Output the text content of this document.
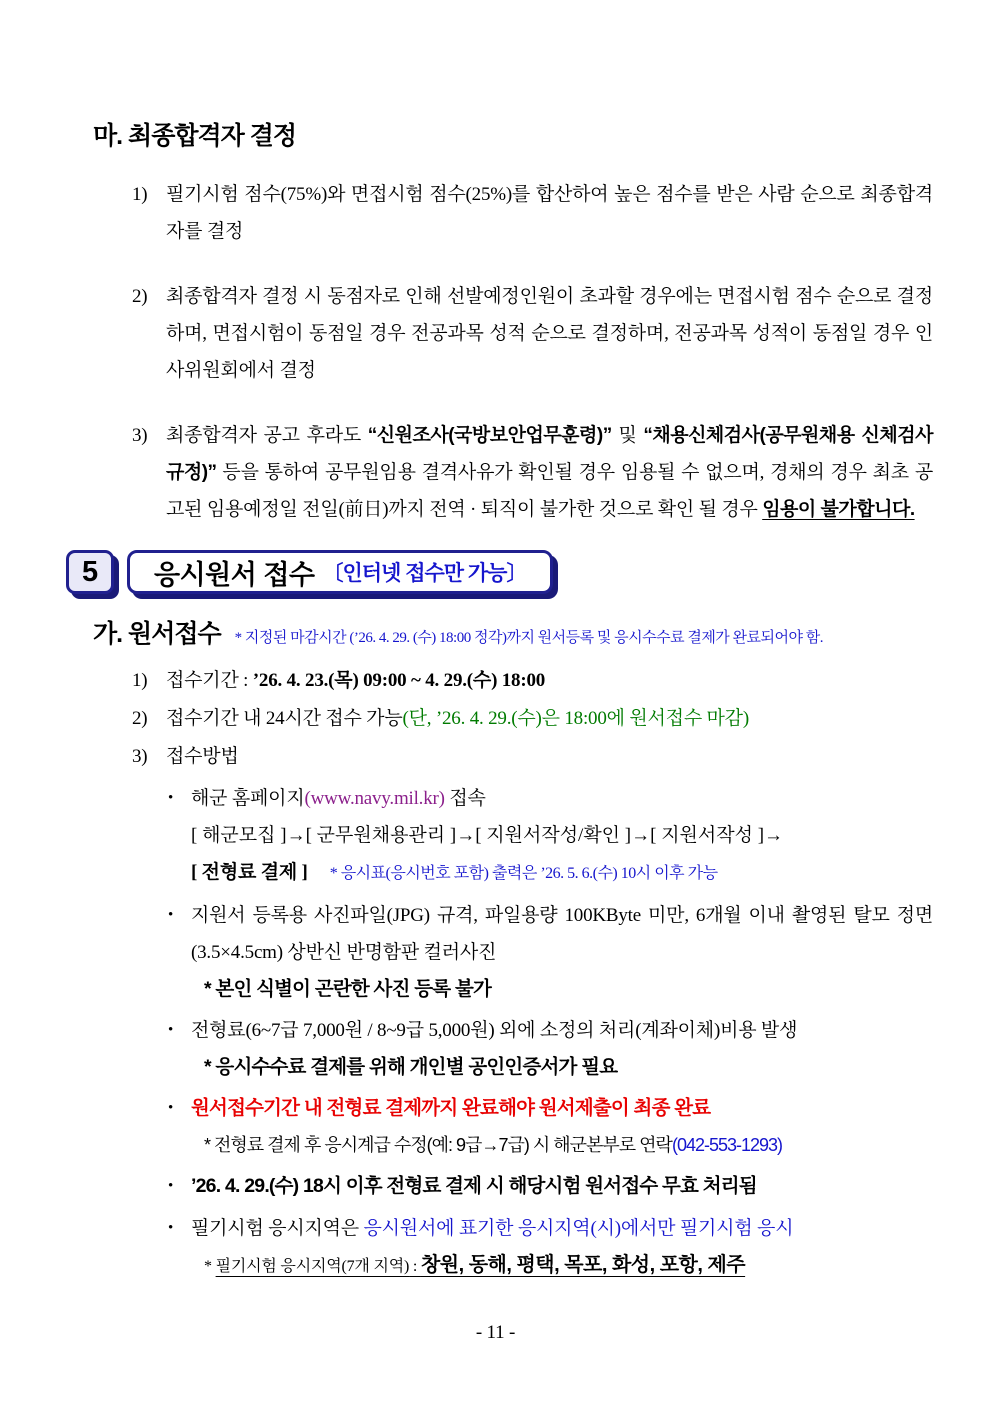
마. 최종합격자 결정
1) 필기시험 점수(75%)와 면접시험 점수(25%)를 합산하여 높은 점수를 받은 사람 순으로 최종합격자를 결정
2) 최종합격자 결정 시 동점자로 인해 선발예정인원이 초과할 경우에는 면접시험 점수 순으로 결정하며, 면접시험이 동점일 경우 전공과목 성적 순으로 결정하며, 전공과목 성적이 동점일 경우 인사위원회에서 결정
3) 최종합격자 공고 후라도 “신원조사(국방보안업무훈령)” 및 “채용신체검사(공무원채용 신체검사 규정)” 등을 통하여 공무원임용 결격사유가 확인될 경우 임용될 수 없으며, 경채의 경우 최초 공고된 임용예정일 전일(前日)까지 전역 · 퇴직이 불가한 것으로 확인 될 경우 임용이 불가합니다.
5 응시원서 접수 〔인터넷 접수만 가능〕
가. 원서접수 * 지정된 마감시간 (’26. 4. 29. (수) 18:00 정각)까지 원서등록 및 응시수수료 결제가 완료되어야 함.
1) 접수기간 : ’26. 4. 23.(목) 09:00 ~ 4. 29.(수) 18:00
2) 접수기간 내 24시간 접수 가능(단, ’26. 4. 29.(수)은 18:00에 원서접수 마감)
3) 접수방법
• 해군 홈페이지(www.navy.mil.kr) 접속
[ 해군모집 ]→[ 군무원채용관리 ]→[ 지원서작성/확인 ]→[ 지원서작성 ]→
[ 전형료 결제 ] * 응시표(응시번호 포함) 출력은 ’26. 5. 6.(수) 10시 이후 가능
• 지원서 등록용 사진파일(JPG) 규격, 파일용량 100KByte 미만, 6개월 이내 촬영된 탈모 정면(3.5×4.5cm) 상반신 반명함판 컬러사진
* 본인 식별이 곤란한 사진 등록 불가
• 전형료(6~7급 7,000원 / 8~9급 5,000원) 외에 소정의 처리(계좌이체)비용 발생
* 응시수수료 결제를 위해 개인별 공인인증서가 필요
• 원서접수기간 내 전형료 결제까지 완료해야 원서제출이 최종 완료
* 전형료 결제 후 응시계급 수정(예: 9급→7급) 시 해군본부로 연락(042-553-1293)
• ’26. 4. 29.(수) 18시 이후 전형료 결제 시 해당시험 원서접수 무효 처리됨
• 필기시험 응시지역은 응시원서에 표기한 응시지역(시)에서만 필기시험 응시
* 필기시험 응시지역(7개 지역) : 창원, 동해, 평택, 목포, 화성, 포항, 제주
- 11 -
